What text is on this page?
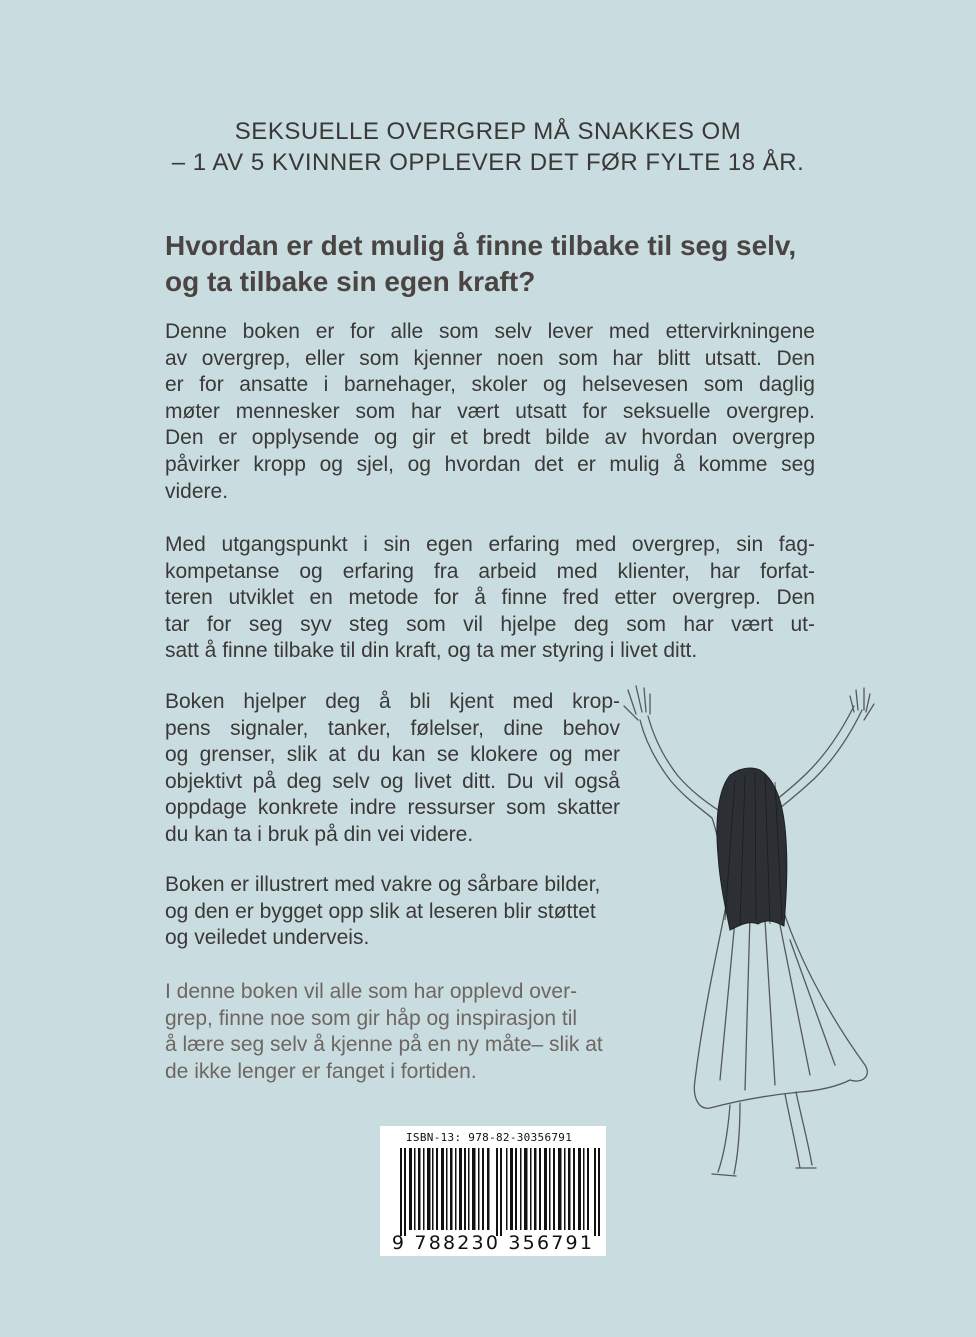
SEKSUELLE OVERGREP MÅ SNAKKES OM
– 1 AV 5 KVINNER OPPLEVER DET FØR FYLTE 18 ÅR.
Hvordan er det mulig å finne tilbake til seg selv,
og ta tilbake sin egen kraft?
Denne boken er for alle som selv lever med ettervirkningene
av overgrep, eller som kjenner noen som har blitt utsatt. Den
er for ansatte i barnehager, skoler og helsevesen som daglig
møter mennesker som har vært utsatt for seksuelle overgrep.
Den er opplysende og gir et bredt bilde av hvordan overgrep
påvirker kropp og sjel, og hvordan det er mulig å komme seg
videre.
Med utgangspunkt i sin egen erfaring med overgrep, sin fag-
kompetanse og erfaring fra arbeid med klienter, har forfat-
teren utviklet en metode for å finne fred etter overgrep. Den
tar for seg syv steg som vil hjelpe deg som har vært ut-
satt å finne tilbake til din kraft, og ta mer styring i livet ditt.
Boken hjelper deg å bli kjent med krop-
pens signaler, tanker, følelser, dine behov
og grenser, slik at du kan se klokere og mer
objektivt på deg selv og livet ditt. Du vil også
oppdage konkrete indre ressurser som skatter
du kan ta i bruk på din vei videre.
Boken er illustrert med vakre og sårbare bilder,
og den er bygget opp slik at leseren blir støttet
og veiledet underveis.
I denne boken vil alle som har opplevd over-
grep, finne noe som gir håp og inspirasjon til
å lære seg selv å kjenne på en ny måte– slik at
de ikke lenger er fanget i fortiden.
ISBN-13: 978-82-30356791
9 788230 356791
